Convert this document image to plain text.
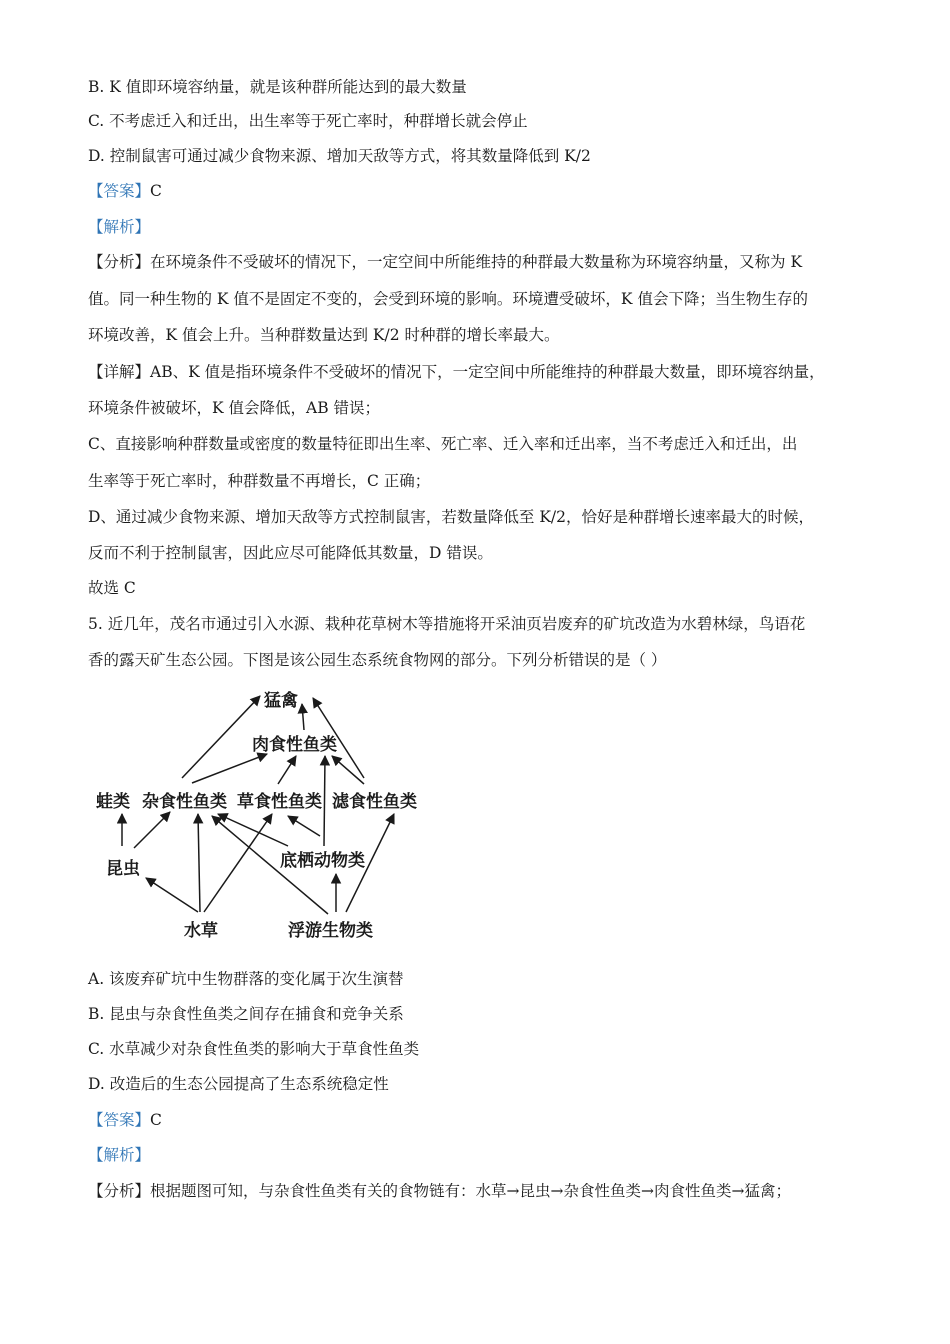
B. K 值即环境容纳量，就是该种群所能达到的最大数量
C. 不考虑迁入和迁出，出生率等于死亡率时，种群增长就会停止
D. 控制鼠害可通过减少食物来源、增加天敌等方式，将其数量降低到 K/2
【答案】C
【解析】
【分析】在环境条件不受破坏的情况下，一定空间中所能维持的种群最大数量称为环境容纳量，又称为 K
值。同一种生物的 K 值不是固定不变的，会受到环境的影响。环境遭受破坏，K 值会下降；当生物生存的
环境改善，K 值会上升。当种群数量达到 K/2 时种群的增长率最大。
【详解】AB、K 值是指环境条件不受破坏的情况下，一定空间中所能维持的种群最大数量，即环境容纳量，
环境条件被破坏，K 值会降低，AB 错误；
C、直接影响种群数量或密度的数量特征即出生率、死亡率、迁入率和迁出率，当不考虑迁入和迁出，出
生率等于死亡率时，种群数量不再增长，C 正确；
D、通过减少食物来源、增加天敌等方式控制鼠害，若数量降低至 K/2，恰好是种群增长速率最大的时候，
反而不利于控制鼠害，因此应尽可能降低其数量，D 错误。
故选 C
5. 近几年，茂名市通过引入水源、栽种花草树木等措施将开采油页岩废弃的矿坑改造为水碧林绿，鸟语花
香的露天矿生态公园。下图是该公园生态系统食物网的部分。下列分析错误的是（ ）
猛禽
肉食性鱼类
蛙类 杂食性鱼类 草食性鱼类 滤食性鱼类
昆虫	底栖动物类
水草	浮游生物类
A. 该废弃矿坑中生物群落的变化属于次生演替
B. 昆虫与杂食性鱼类之间存在捕食和竞争关系
C. 水草减少对杂食性鱼类的影响大于草食性鱼类
D. 改造后的生态公园提高了生态系统稳定性
【答案】C
【解析】
【分析】根据题图可知，与杂食性鱼类有关的食物链有：水草→昆虫→杂食性鱼类→肉食性鱼类→猛禽；
